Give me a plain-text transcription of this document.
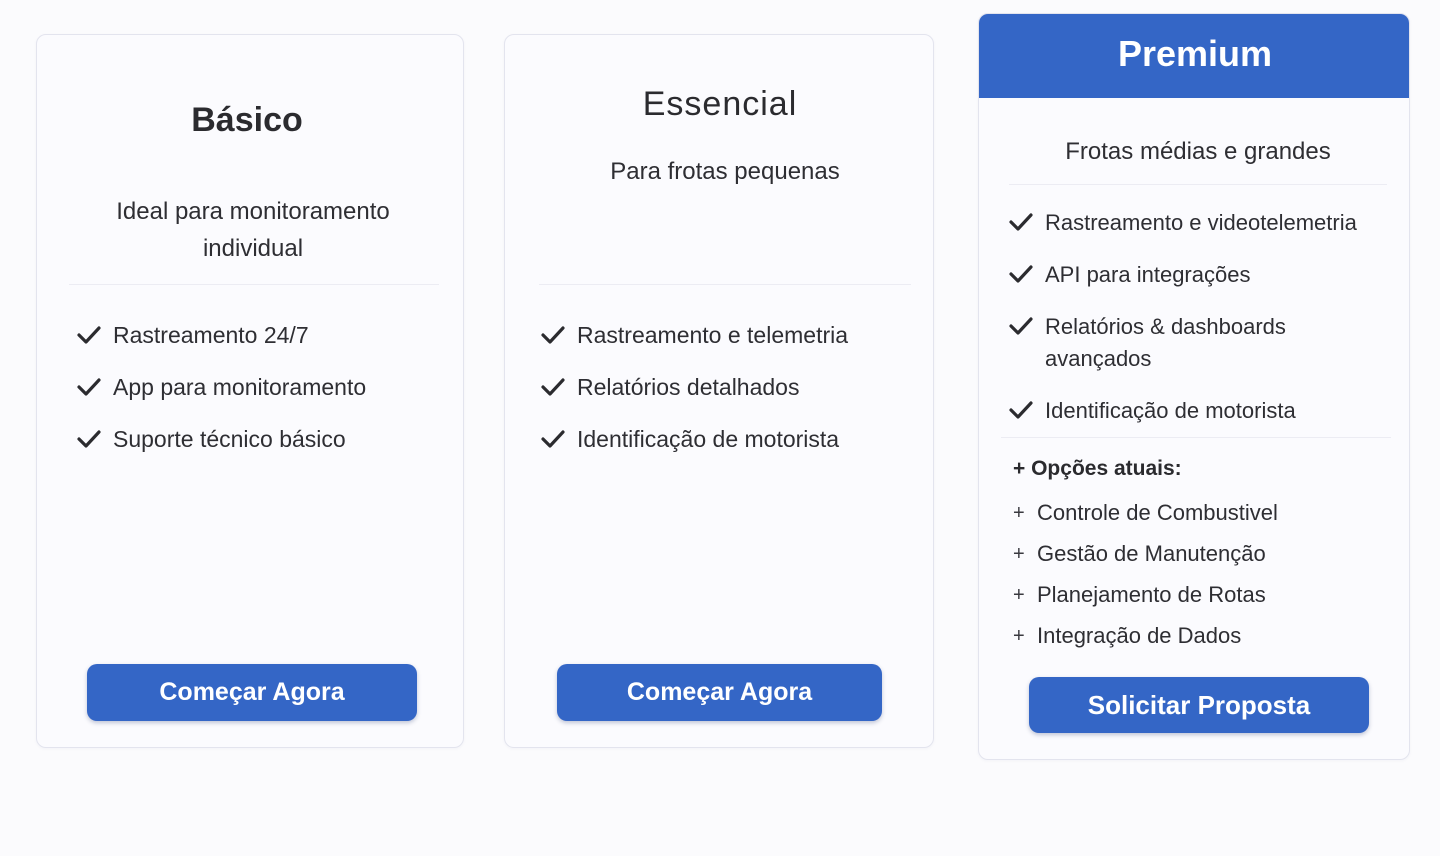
Básico
Ideal para monitoramento individual
Rastreamento 24/7
App para monitoramento
Suporte técnico básico
Começar Agora
Essencial
Para frotas pequenas
Rastreamento e telemetria
Relatórios detalhados
Identificação de motorista
Começar Agora
Premium
Frotas médias e grandes
Rastreamento e videotelemetria
API para integrações
Relatórios & dashboards avançados
Identificação de motorista
+ Opções atuais:
+ Controle de Combustivel
+ Gestão de Manutenção
+ Planejamento de Rotas
+ Integração de Dados
Solicitar Proposta
